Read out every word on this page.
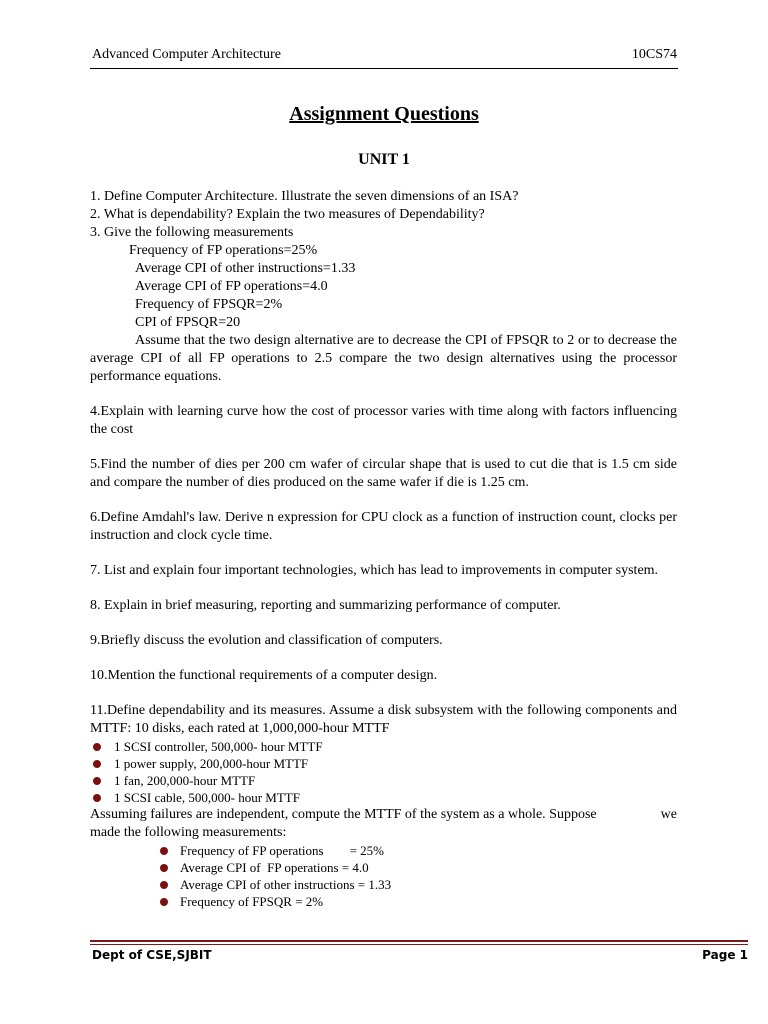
Advanced Computer Architecture	10CS74
Assignment Questions
UNIT 1

1. Define Computer Architecture. Illustrate the seven dimensions of an ISA?

2. What is dependability? Explain the two measures of Dependability?

3. Give the following measurements

Frequency of FP operations=25%

Average CPI of other instructions=1.33

Average CPI of FP operations=4.0

Frequency of FPSQR=2%

CPI of FPSQR=20

Assume that the two design alternative are to decrease the CPI of FPSQR to 2 or to decrease the average CPI of all FP operations to 2.5 compare the two design alternatives using the processor performance equations.

4.Explain with learning curve how the cost of processor varies with time along with factors influencing the cost

5.Find the number of dies per 200 cm wafer of circular shape that is used to cut die that is 1.5 cm side and compare the number of dies produced on the same wafer if die is 1.25 cm.

6.Define Amdahl's law. Derive n expression for CPU clock as a function of instruction count, clocks per instruction and clock cycle time.

7. List and explain four important technologies, which has lead to improvements in computer system.

8. Explain in brief measuring, reporting and summarizing performance of computer.

9.Briefly discuss the evolution and classification of computers.

10.Mention the functional requirements of a computer design.

11.Define dependability and its measures. Assume a disk subsystem with the following components and MTTF: 10 disks, each rated at 1,000,000-hour MTTF

1 SCSI controller, 500,000- hour MTTF
1 power supply, 200,000-hour MTTF
1 fan, 200,000-hour MTTF
1 SCSI cable, 500,000- hour MTTF

Assuming failures are independent, compute the MTTF of the system as a whole. Suppose	we

made the following measurements:

Frequency of FP operations        = 25%
Average CPI of  FP operations = 4.0
Average CPI of other instructions = 1.33
Frequency of FPSQR = 2%
Dept of CSE,SJBIT	Page 1
